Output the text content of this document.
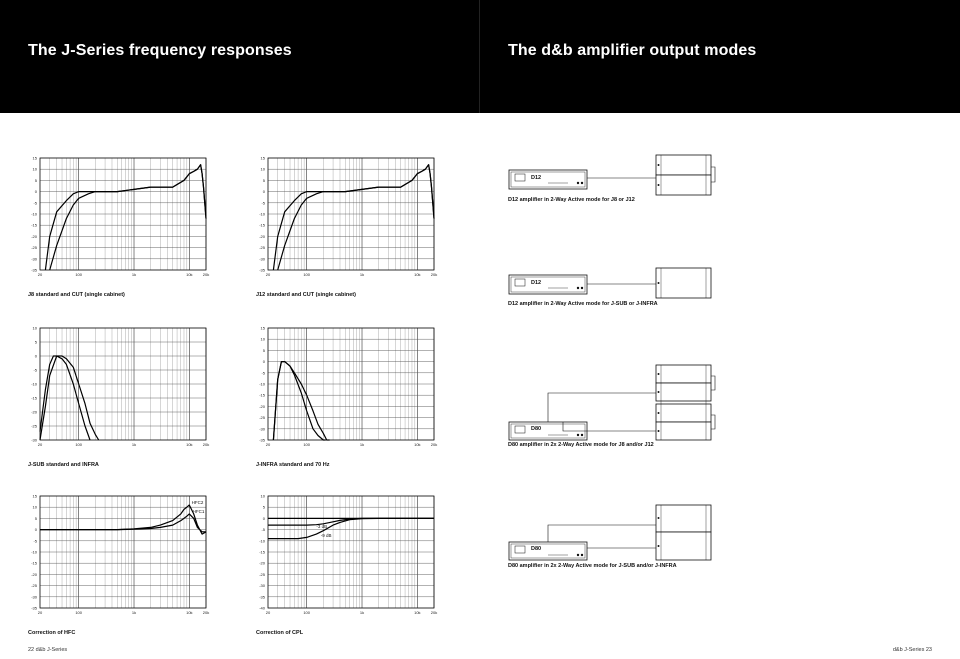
The J-Series frequency responses
15
10
5
0
-5
-10
-15
-20
-25
-30
-35
20	100	1k	10k	20k
J8 standard and CUT (single cabinet)
15
10
5
0
-5
-10
-15
-20
-25
-30
-35
20	100	1k	10k	20k
J12 standard and CUT (single cabinet)
10
5
0
-5
-10
-15
-20
-25
-30
20	100	1k	10k	20k
J-SUB standard and INFRA
15
10
5
0
-5
-10
-15
-20
-25
-30
-35
20	100	1k	10k	20k
J-INFRA standard and 70 Hz
15
10
5
0
-5
-10
-15
-20
-25
-30
-35
20	100	1k	10k	20k
HFC2
HFC1
Correction of HFC
10
5
0
-5
-10
-15
-20
-25
-30
-35
-40
20	100	1k	10k	20k
-3 dB
-9 dB
Correction of CPL
22 d&b J-Series
The d&b amplifier output modes
D12
D12 amplifier in 2-Way Active mode for J8 or J12
D12
D12 amplifier in 2-Way Active mode for J-SUB or J-INFRA
D80
D80 amplifier in 2x 2-Way Active mode for J8 and/or J12
D80
D80 amplifier in 2x 2-Way Active mode for J-SUB and/or J-INFRA
d&b J-Series 23
